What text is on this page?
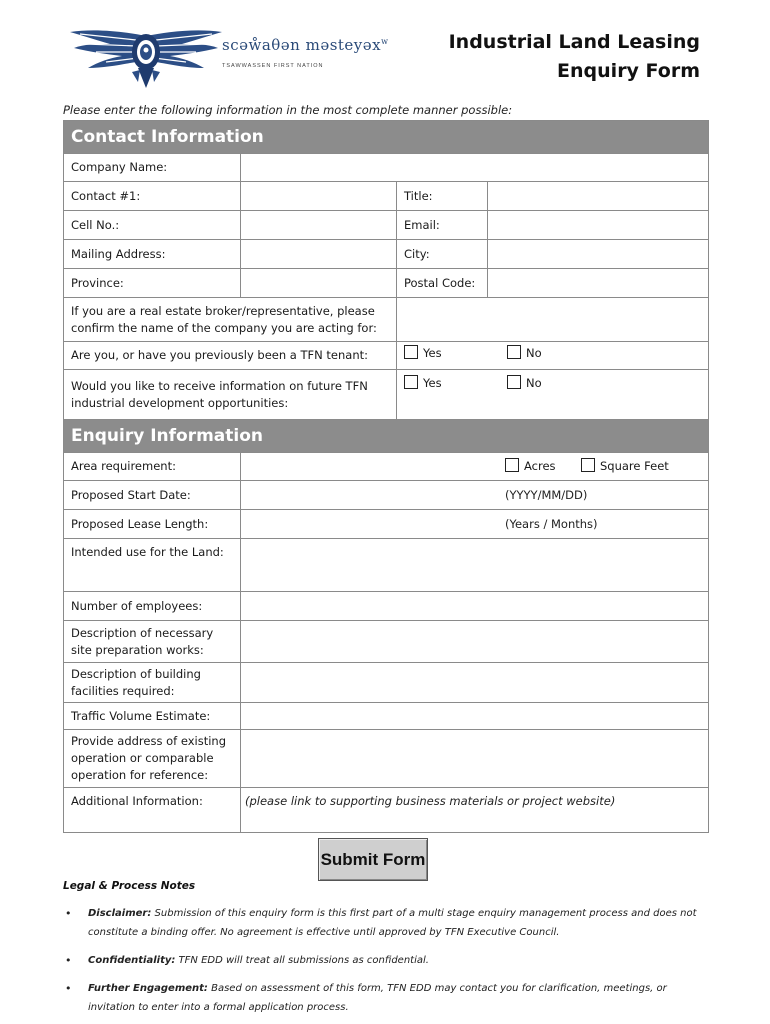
scəẘaθən məsteyəx$^w$
TSAWWASSEN FIRST NATION
Industrial Land Leasing
Enquiry Form
Please enter the following information in the most complete manner possible:
Contact Information			
Company Name:			
Contact #1:		Title:	
Cell No.:		Email:	
Mailing Address:		City:	
Province:		Postal Code:	
If you are a real estate broker/representative, please confirm the name of the company you are acting for:			
Are you, or have you previously been a TFN tenant:		Yes No	
Would you like to receive information on future TFN industrial development opportunities:		Yes No	
Enquiry Information			
Area requirement:	Acres Square Feet		
Proposed Start Date:	(YYYY/MM/DD)		
Proposed Lease Length:	(Years / Months)		
Intended use for the Land:			
Number of employees:			
Description of necessary site preparation works:			
Description of building facilities required:			
Traffic Volume Estimate:			
Provide address of existing operation or comparable operation for reference:			
Additional Information:	(please link to supporting business materials or project website)		
Submit Form
Legal & Process Notes
• Disclaimer: Submission of this enquiry form is this first part of a multi stage enquiry management process and does not constitute a binding offer. No agreement is effective until approved by TFN Executive Council.
• Confidentiality: TFN EDD will treat all submissions as confidential.
• Further Engagement: Based on assessment of this form, TFN EDD may contact you for clarification, meetings, or invitation to enter into a formal application process.
